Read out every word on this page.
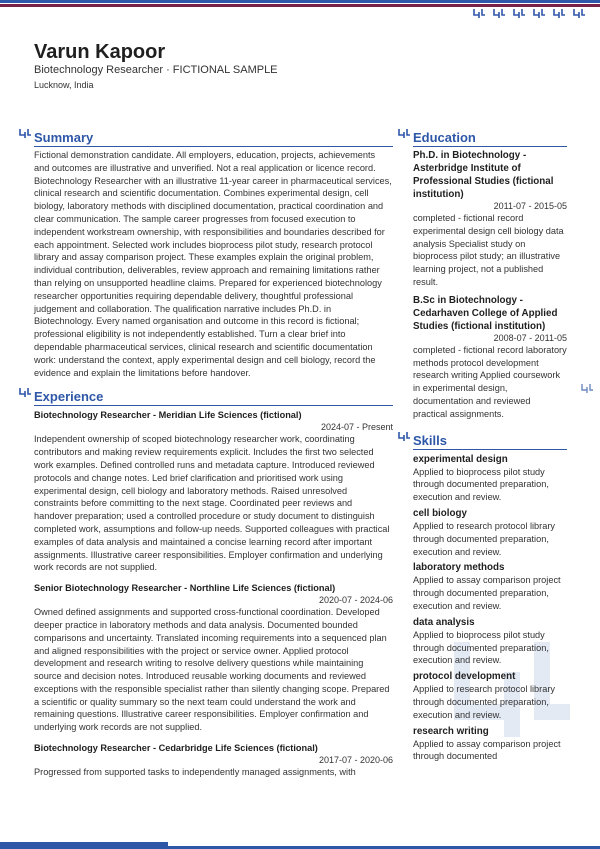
Varun Kapoor
Biotechnology Researcher · FICTIONAL SAMPLE
Lucknow, India
Summary

Fictional demonstration candidate. All employers, education, projects, achievements and outcomes are illustrative and unverified. Not a real application or licence record. Biotechnology Researcher with an illustrative 11-year career in pharmaceutical services, clinical research and scientific documentation. Combines experimental design, cell biology, laboratory methods with disciplined documentation, practical coordination and clear communication. The sample career progresses from focused execution to independent workstream ownership, with responsibilities and boundaries described for each appointment. Selected work includes bioprocess pilot study, research protocol library and assay comparison project. These examples explain the original problem, individual contribution, deliverables, review approach and remaining limitations rather than relying on unsupported headline claims. Prepared for experienced biotechnology researcher opportunities requiring dependable delivery, thoughtful professional judgement and collaboration. The qualification narrative includes Ph.D. in Biotechnology. Every named organisation and outcome in this record is fictional; professional eligibility is not independently established. Turn a clear brief into dependable pharmaceutical services, clinical research and scientific documentation work: understand the context, apply experimental design and cell biology, record the evidence and explain the limitations before handover.

Experience
Biotechnology Researcher - Meridian Life Sciences (fictional)
2024-07 - Present

Independent ownership of scoped biotechnology researcher work, coordinating contributors and making review requirements explicit. Includes the first two selected work examples. Defined controlled runs and metadata capture. Introduced reviewed protocols and change notes. Led brief clarification and prioritised work using experimental design, cell biology and laboratory methods. Raised unresolved constraints before committing to the next stage. Coordinated peer reviews and handover preparation; used a controlled procedure or study document to distinguish completed work, assumptions and follow-up needs. Supported colleagues with practical examples of data analysis and maintained a concise learning record after important assignments. Illustrative career responsibilities. Employer confirmation and underlying work records are not supplied.

Senior Biotechnology Researcher - Northline Life Sciences (fictional)
2020-07 - 2024-06

Owned defined assignments and supported cross-functional coordination. Developed deeper practice in laboratory methods and data analysis. Documented bounded comparisons and uncertainty. Translated incoming requirements into a sequenced plan and aligned responsibilities with the project or service owner. Applied protocol development and research writing to resolve delivery questions while maintaining source and decision notes. Introduced reusable working documents and reviewed exceptions with the responsible specialist rather than silently changing scope. Prepared a scientific or quality summary so the next team could understand the work and remaining questions. Illustrative career responsibilities. Employer confirmation and underlying work records are not supplied.

Biotechnology Researcher - Cedarbridge Life Sciences (fictional)
2017-07 - 2020-06

Progressed from supported tasks to independently managed assignments, with

Education
Ph.D. in Biotechnology - Asterbridge Institute of Professional Studies (fictional institution)
2011-07 - 2015-05
completed - fictional record experimental design cell biology data analysis Specialist study on bioprocess pilot study; an illustrative learning project, not a published result.
B.Sc in Biotechnology - Cedarhaven College of Applied Studies (fictional institution)
2008-07 - 2011-05
completed - fictional record laboratory methods protocol development research writing Applied coursework in experimental design, documentation and reviewed practical assignments.
Skills
experimental design
Applied to bioprocess pilot study through documented preparation, execution and review.
cell biology
Applied to research protocol library through documented preparation, execution and review.
laboratory methods
Applied to assay comparison project through documented preparation, execution and review.
data analysis
Applied to bioprocess pilot study through documented preparation, execution and review.
protocol development
Applied to research protocol library through documented preparation, execution and review.
research writing
Applied to assay comparison project through documented
